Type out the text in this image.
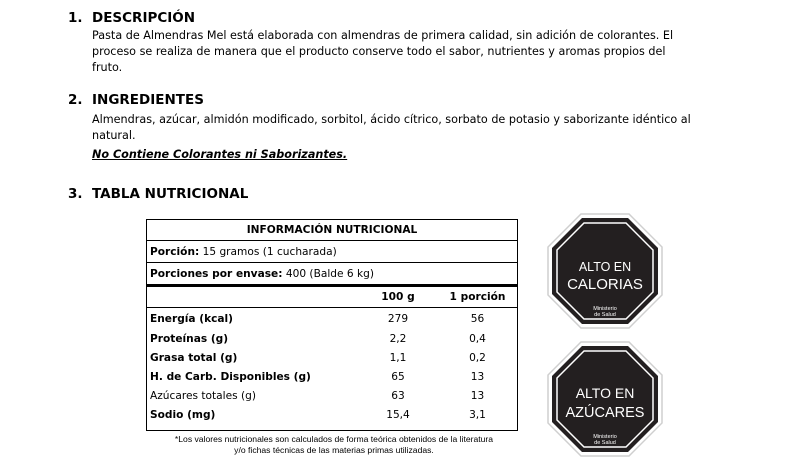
1. DESCRIPCIÓN
Pasta de Almendras Mel está elaborada con almendras de primera calidad, sin adición de colorantes. El proceso se realiza de manera que el producto conserve todo el sabor, nutrientes y aromas propios del fruto.
2. INGREDIENTES
Almendras, azúcar, almidón modificado, sorbitol, ácido cítrico, sorbato de potasio y saborizante idéntico al natural.
No Contiene Colorantes ni Saborizantes.
3. TABLA NUTRICIONAL
INFORMACIÓN NUTRICIONAL		
Porción: 15 gramos (1 cucharada)		
Porciones por envase: 400 (Balde 6 kg)		
	100 g	1 porción
Energía (kcal)	279	56
Proteínas (g)	2,2	0,4
Grasa total (g)	1,1	0,2
H. de Carb. Disponibles (g)	65	13
Azúcares totales (g)	63	13
Sodio (mg)	15,4	3,1
*Los valores nutricionales son calculados de forma teórica obtenidos de la literatura
y/o fichas técnicas de las materias primas utilizadas.
ALTO EN
CALORIAS
Ministerio
de Salud
ALTO EN
AZÚCARES
Ministerio
de Salud
